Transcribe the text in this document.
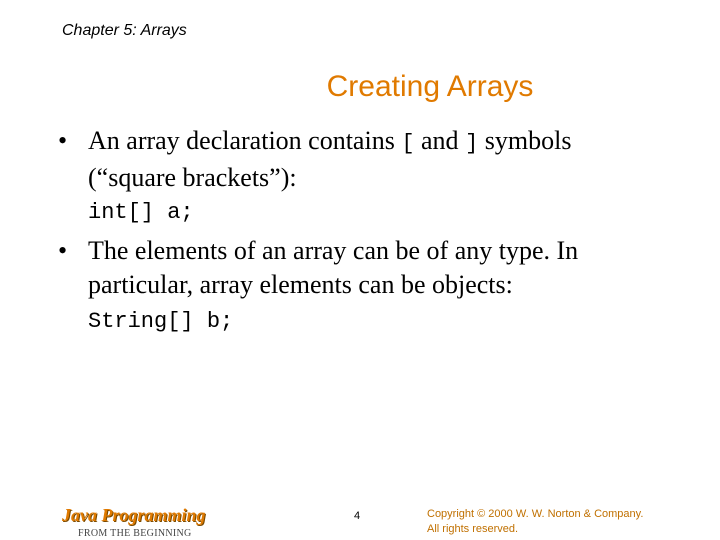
Chapter 5: Arrays
Creating Arrays
• An array declaration contains [ and ] symbols
(“square brackets”):
int[] a;
• The elements of an array can be of any type. In
particular, array elements can be objects:
String[] b;
Java Programming
FROM THE BEGINNING
4	Copyright © 2000 W. W. Norton & Company.
All rights reserved.
